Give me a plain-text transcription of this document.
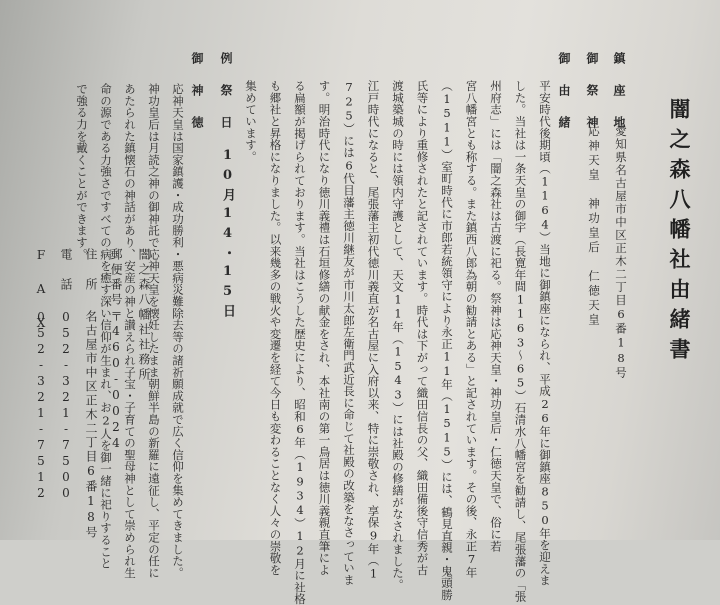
闇之森八幡社由緒書
鎮 座 地
愛知県名古屋市中区正木二丁目6番18号
御 祭 神
応神天皇　神功皇后　仁徳天皇
御 由 緒
平安時代後期頃（1164）当地に御鎮座になられ、平成26年に御鎮座850年を迎えま
した。当社は一条天皇の御宇（長寛年間1163〜65）石清水八幡宮を勧請し、尾張藩の「張
州府志」には「闇之森社は古渡に祀る。祭神は応神天皇・神功皇后・仁徳天皇で、俗に若
宮八幡宮とも称する。また鎮西八郎為朝の勧請とある」と記されています。その後、永正7年
（1511）室町時代に市郎若統領守により永正11年（1515）には、鶴見直親・鬼頭勝
氏等により重修されたと記されています。時代は下がって織田信長の父、織田備後守信秀が古
渡城築城の時には領内守護として、天文11年（1543）には社殿の修繕がなされました。
江戸時代になると、尾張藩主初代徳川義直が名古屋に入府以来、特に崇敬され、享保9年（1
725）には6代目藩主徳川継友が市川太郎左衛門武近長に命じて社殿の改築をなさっていま
す。明治時代になり徳川義禮は石垣修繕の献金をされ、本社南の第一鳥居は徳川義親直筆によ
る扁額が掲げられております。当社はこうした歴史により、昭和6年（1934）12月に社格
も郷社と昇格になりました。以来幾多の戦火や変遷を経て今日も変わることなく人々の崇敬を
集めています。
例 祭 日
10月14・15日
御 神 徳
応神天皇は国家鎮護・成功勝利・悪病災難除去等の諸祈願成就で広く信仰を集めてきました。
神功皇后は月読之神の御神託で応神天皇を懐妊したまま朝鮮半島の新羅に遠征し、平定の任に
あたられた鎮懐石の神話があり、安産の神と讃えられ子宝・子育ての聖母神として崇められ生
命の源である力強さですべての病を癒す深い信仰が生まれ、お2人を御一緒に祀りすること
で強る力を戴くことができます。
闇之森八幡社社務所
郵便番号
〒460-0024
住　所
名古屋市中区正木二丁目6番18号
電　話
052-321-7500
F A X
052-321-7512
